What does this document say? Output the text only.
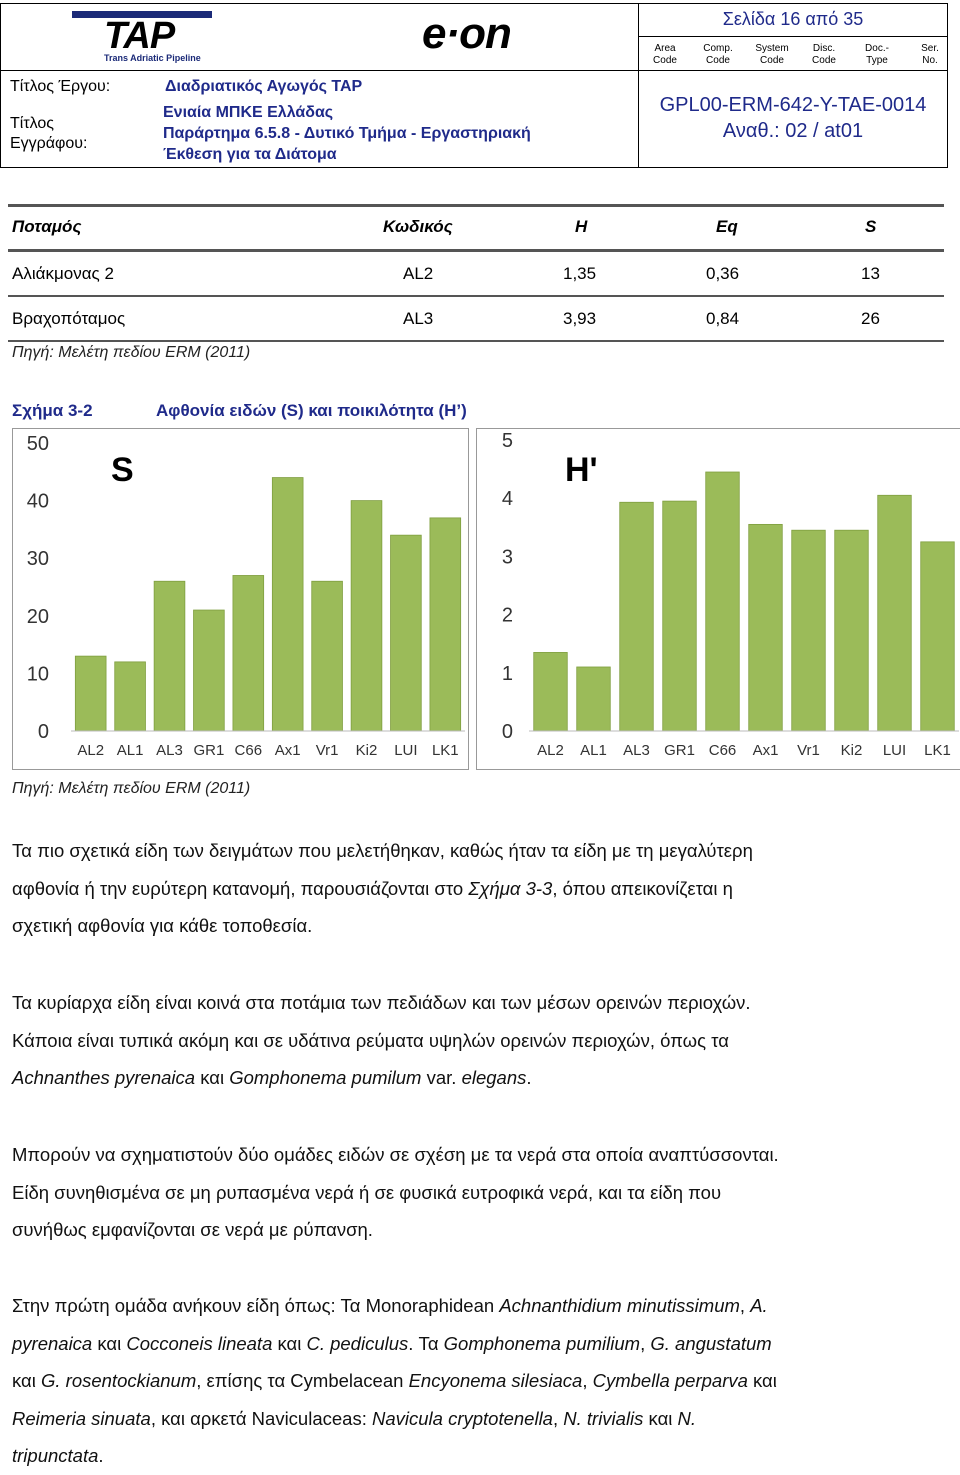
TAP
Trans Adriatic Pipeline	e·on	Σελίδα 16 από 35
Area
Code
Comp.
Code
System
Code
Disc.
Code
Doc.-
Type
Ser.
No.
Τίτλος Έργου:	Διαδριατικός Αγωγός TAP
Τίτλος
Εγγράφου:
Ενιαία ΜΠΚΕ Ελλάδας
Παράρτημα 6.5.8 - Δυτικό Τμήμα - Εργαστηριακή
Έκθεση για τα Διάτομα
GPL00-ERM-642-Y-TAE-0014
Αναθ.: 02 / at01
Ποταμός	Κωδικός	H	Eq	S
Αλιάκμονας 2	AL2	1,35	0,36	13
Βραχοπόταμος	AL3	3,93	0,84	26
Πηγή: Μελέτη πεδίου ERM (2011)
Σχήμα 3-2	Αφθονία ειδών (S) και ποικιλότητα (H’)
S
0
10
20
30
40
50
AL2 AL1 AL3 GR1 C66 Ax1 Vr1 Ki2 LUI LK1
H'
0
1
2
3
4
5
AL2 AL1 AL3 GR1 C66 Ax1 Vr1 Ki2 LUI LK1
Πηγή: Μελέτη πεδίου ERM (2011)
Τα πιο σχετικά είδη των δειγμάτων που μελετήθηκαν, καθώς ήταν τα είδη με τη μεγαλύτερη
αφθονία ή την ευρύτερη κατανομή, παρουσιάζονται στο Σχήμα 3-3, όπου απεικονίζεται η
σχετική αφθονία για κάθε τοποθεσία.
Τα κυρίαρχα είδη είναι κοινά στα ποτάμια των πεδιάδων και των μέσων ορεινών περιοχών.
Κάποια είναι τυπικά ακόμη και σε υδάτινα ρεύματα υψηλών ορεινών περιοχών, όπως τα
Achnanthes pyrenaica και Gomphonema pumilum var. elegans.
Μπορούν να σχηματιστούν δύο ομάδες ειδών σε σχέση με τα νερά στα οποία αναπτύσσονται.
Είδη συνηθισμένα σε μη ρυπασμένα νερά ή σε φυσικά ευτροφικά νερά, και τα είδη που
συνήθως εμφανίζονται σε νερά με ρύπανση.
Στην πρώτη ομάδα ανήκουν είδη όπως: Τα Monoraphidean Achnanthidium minutissimum, A.
pyrenaica και Cocconeis lineata και C. pediculus. Τα Gomphonema pumilium, G. angustatum
και G. rosentockianum, επίσης τα Cymbelacean Encyonema silesiaca, Cymbella perparva και
Reimeria sinuata, και αρκετά Naviculaceas: Navicula cryptotenella, N. trivialis και N.
tripunctata.
